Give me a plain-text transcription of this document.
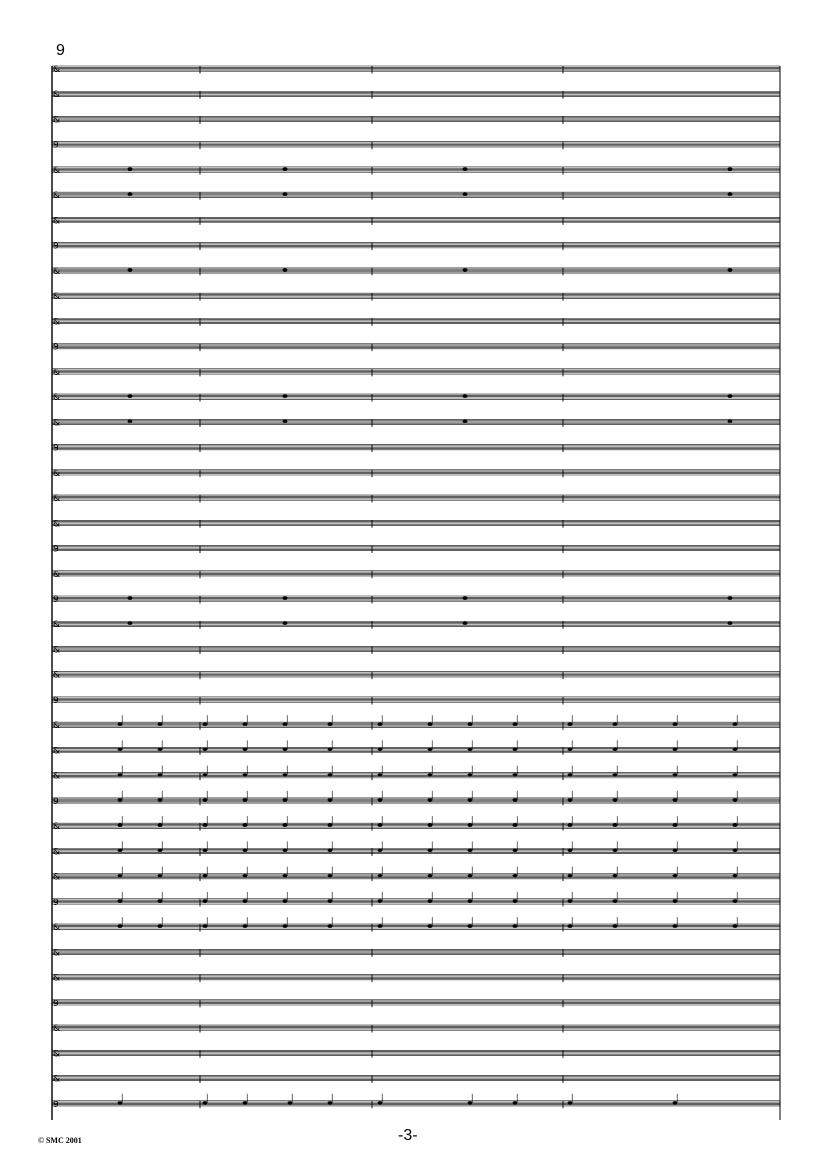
9
&
&
&
9
&
&
&
9
&
&
&
9
&
&
&
9
&
&
&
9
&
9
&
&
&
9
&
&
&
9
&
&
&
9
&
&
&
9
&
&
&
9
© SMC 2001	-3-
